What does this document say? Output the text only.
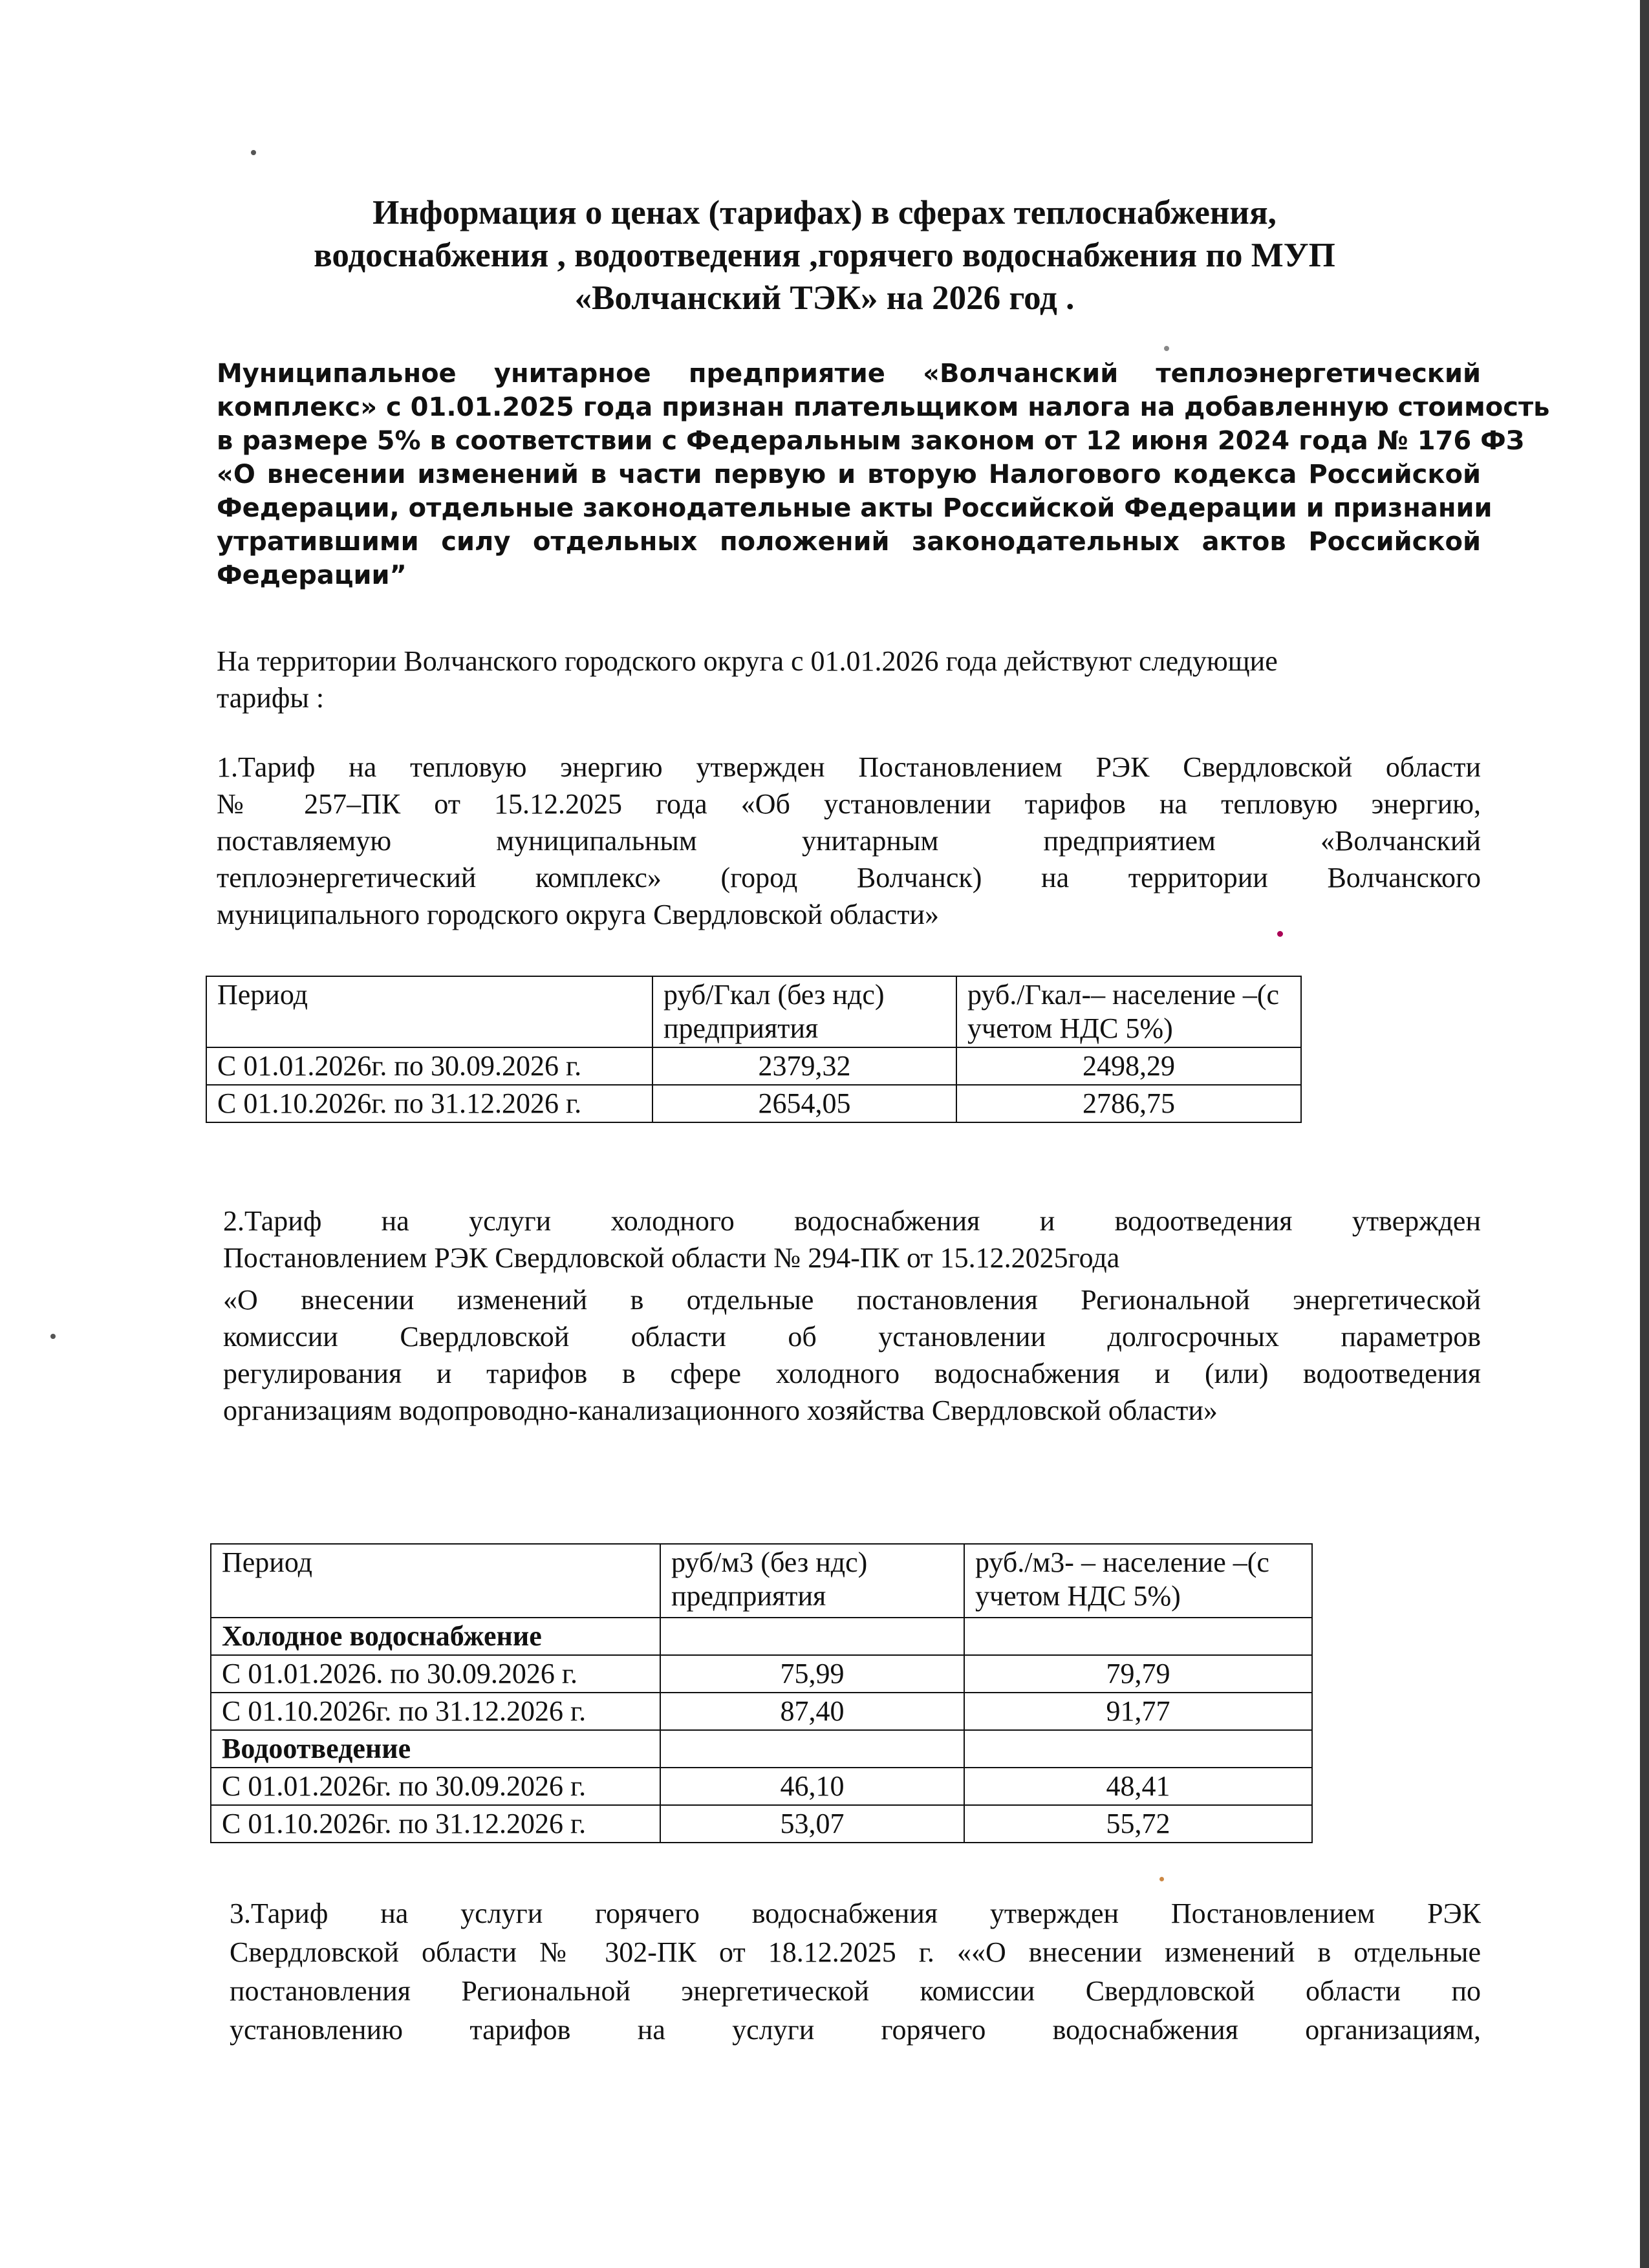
Информация о ценах (тарифах) в сферах теплоснабжения,
водоснабжения , водоотведения ,горячего водоснабжения по МУП
«Волчанский ТЭК» на 2026 год .
Муниципальное унитарное предприятие «Волчанский теплоэнергетический
комплекс» с 01.01.2025 года признан плательщиком налога на добавленную стоимость
в размере 5% в соответствии с Федеральным законом от 12 июня 2024 года № 176 ФЗ
«О внесении изменений в части первую и вторую Налогового кодекса Российской
Федерации, отдельные законодательные акты Российской Федерации и признании
утратившими силу отдельных положений законодательных актов Российской
Федерации”
На территории Волчанского городского округа с 01.01.2026 года действуют следующие
тарифы :
1.Тариф на тепловую энергию утвержден Постановлением РЭК Свердловской области
№ 257–ПК от 15.12.2025 года «Об установлении тарифов на тепловую энергию,
поставляемую муниципальным унитарным предприятием «Волчанский
теплоэнергетический комплекс» (город Волчанск) на территории Волчанского
муниципального городского округа Свердловской области»
Период	руб/Гкал (без ндс) предприятия	руб./Гкал-– население –(с учетом НДС 5%)
С 01.01.2026г. по 30.09.2026 г.	2379,32	2498,29
С 01.10.2026г. по 31.12.2026 г.	2654,05	2786,75
2.Тариф на услуги холодного водоснабжения и водоотведения утвержден
Постановлением РЭК Свердловской области № 294-ПК от 15.12.2025года
«О внесении изменений в отдельные постановления Региональной энергетической
комиссии Свердловской области об установлении долгосрочных параметров
регулирования и тарифов в сфере холодного водоснабжения и (или) водоотведения
организациям водопроводно-канализационного хозяйства Свердловской области»
Период	руб/м3 (без ндс) предприятия	руб./м3- – население –(с учетом НДС 5%)
Холодное водоснабжение		
С 01.01.2026. по 30.09.2026 г.	75,99	79,79
С 01.10.2026г. по 31.12.2026 г.	87,40	91,77
Водоотведение		
С 01.01.2026г. по 30.09.2026 г.	46,10	48,41
С 01.10.2026г. по 31.12.2026 г.	53,07	55,72
3.Тариф на услуги горячего водоснабжения утвержден Постановлением РЭК
Свердловской области № 302-ПК от 18.12.2025 г. ««О внесении изменений в отдельные
постановления Региональной энергетической комиссии Свердловской области по
установлению тарифов на услуги горячего водоснабжения организациям,
